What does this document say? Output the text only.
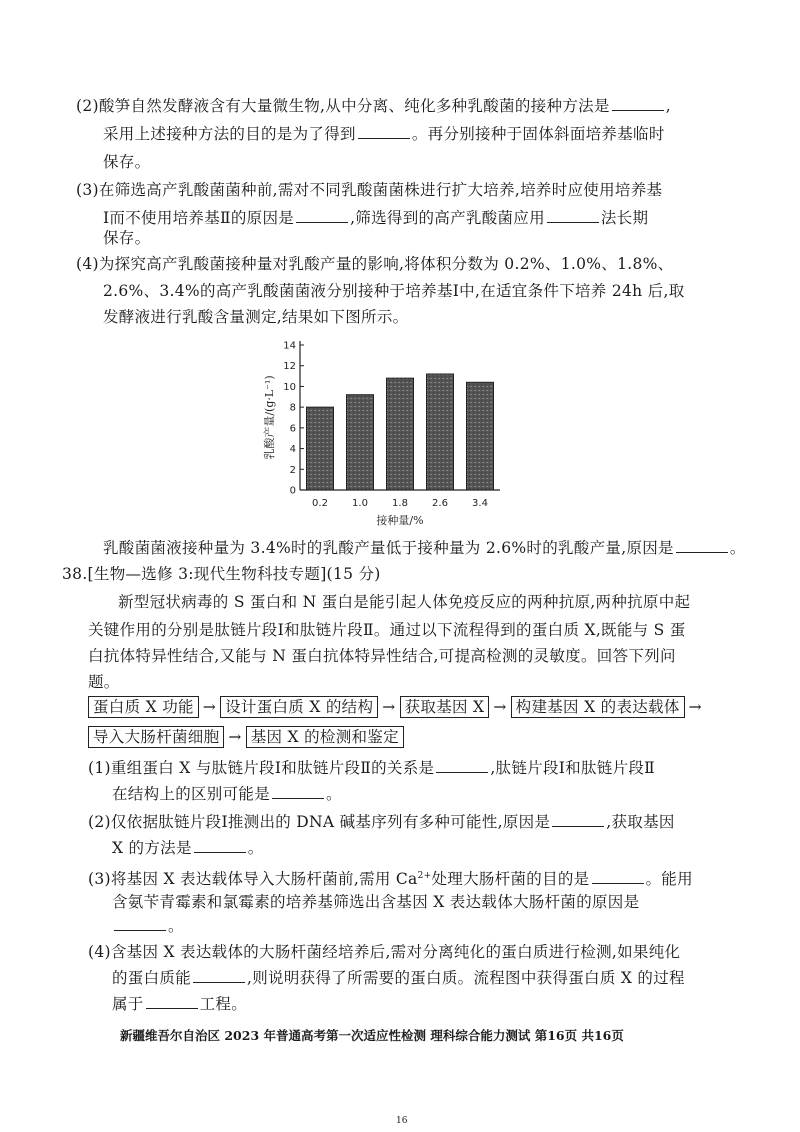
(2)酸笋自然发酵液含有大量微生物,从中分离、纯化多种乳酸菌的接种方法是	,
采用上述接种方法的目的是为了得到	。再分别接种于固体斜面培养基临时
保存。
(3)在筛选高产乳酸菌菌种前,需对不同乳酸菌菌株进行扩大培养,培养时应使用培养基
Ⅰ而不使用培养基Ⅱ的原因是	,筛选得到的高产乳酸菌应用	法长期
保存。
(4)为探究高产乳酸菌接种量对乳酸产量的影响,将体积分数为 0.2%、1.0%、1.8%、
2.6%、3.4%的高产乳酸菌菌液分别接种于培养基Ⅰ中,在适宜条件下培养 24h 后,取
发酵液进行乳酸含量测定,结果如下图所示。
0
2
4
6
8
10
12
14
0.2 1.0 1.8 2.6 3.4
接种量/%
乳酸产量/(g·L⁻¹)
乳酸菌菌液接种量为 3.4%时的乳酸产量低于接种量为 2.6%时的乳酸产量,原因是	。
38.[生物—选修 3:现代生物科技专题](15 分)
新型冠状病毒的 S 蛋白和 N 蛋白是能引起人体免疫反应的两种抗原,两种抗原中起
关键作用的分别是肽链片段Ⅰ和肽链片段Ⅱ。通过以下流程得到的蛋白质 X,既能与 S 蛋
白抗体特异性结合,又能与 N 蛋白抗体特异性结合,可提高检测的灵敏度。回答下列问
题。
蛋白质 X 功能 → 设计蛋白质 X 的结构 → 获取基因 X → 构建基因 X 的表达载体 →
导入大肠杆菌细胞 → 基因 X 的检测和鉴定
(1)重组蛋白 X 与肽链片段Ⅰ和肽链片段Ⅱ的关系是	,肽链片段Ⅰ和肽链片段Ⅱ
在结构上的区别可能是	。
(2)仅依据肽链片段Ⅰ推测出的 DNA 碱基序列有多种可能性,原因是	,获取基因
X 的方法是	。
(3)将基因 X 表达载体导入大肠杆菌前,需用 $Ca^{2+}$处理大肠杆菌的目的是	。能用
含氨苄青霉素和氯霉素的培养基筛选出含基因 X 表达载体大肠杆菌的原因是
。
(4)含基因 X 表达载体的大肠杆菌经培养后,需对分离纯化的蛋白质进行检测,如果纯化
的蛋白质能	,则说明获得了所需要的蛋白质。流程图中获得蛋白质 X 的过程
属于	工程。
新疆维吾尔自治区 2023 年普通高考第一次适应性检测 理科综合能力测试 第16页 共16页
16
